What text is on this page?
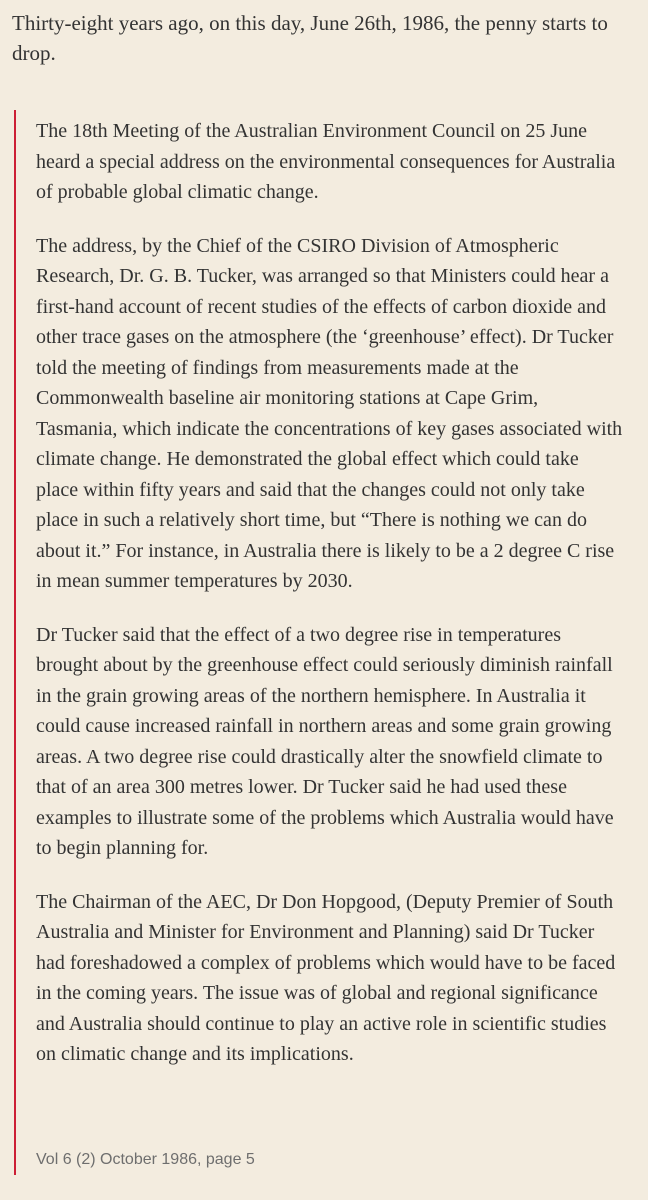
Thirty-eight years ago, on this day, June 26th, 1986, the penny starts to drop.

The 18th Meeting of the Australian Environment Council on 25 June heard a special address on the environmental consequences for Australia of probable global climatic change.

The address, by the Chief of the CSIRO Division of Atmospheric Research, Dr. G. B. Tucker, was arranged so that Ministers could hear a first-hand account of recent studies of the effects of carbon dioxide and other trace gases on the atmosphere (the ‘greenhouse’ effect). Dr Tucker told the meeting of findings from measurements made at the Commonwealth baseline air monitoring stations at Cape Grim, Tasmania, which indicate the concentrations of key gases associated with climate change. He demonstrated the global effect which could take place within fifty years and said that the changes could not only take place in such a relatively short time, but “There is nothing we can do about it.” For instance, in Australia there is likely to be a 2 degree C rise in mean summer temperatures by 2030.

Dr Tucker said that the effect of a two degree rise in temperatures brought about by the greenhouse effect could seriously diminish rainfall in the grain growing areas of the northern hemisphere. In Australia it could cause increased rainfall in northern areas and some grain growing areas. A two degree rise could drastically alter the snowfield climate to that of an area 300 metres lower. Dr Tucker said he had used these examples to illustrate some of the problems which Australia would have to begin planning for.

The Chairman of the AEC, Dr Don Hopgood, (Deputy Premier of South Australia and Minister for Environment and Planning) said Dr Tucker had foreshadowed a complex of problems which would have to be faced in the coming years. The issue was of global and regional significance and Australia should continue to play an active role in scientific studies on climatic change and its implications.

Vol 6 (2) October 1986, page 5
